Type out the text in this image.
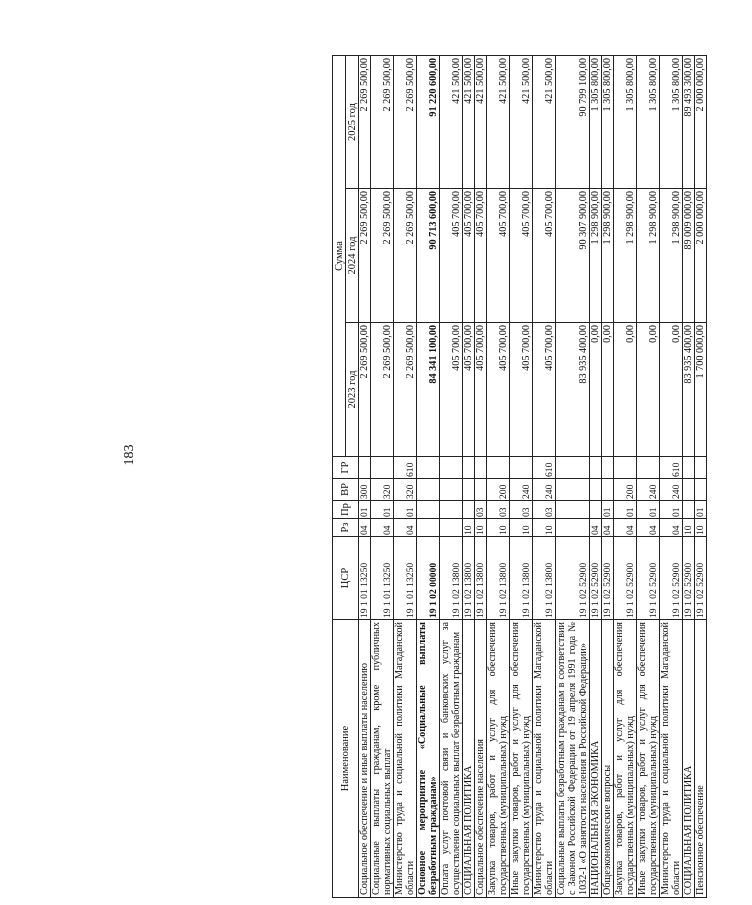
183
Наименование	ЦСР	Рз	Пр	ВР	ГР	Сумма		
						2023 год	2024 год	2025 год
Социальное обеспечение и иные выплаты населению	19 1 01 13250	04	01	300		2 269 500,00	2 269 500,00	2 269 500,00
Социальные выплаты гражданам, кроме публичных нормативных социальных выплат	19 1 01 13250	04	01	320		2 269 500,00	2 269 500,00	2 269 500,00
Министерство труда и социальной политики Магаданской области	19 1 01 13250	04	01	320	610	2 269 500,00	2 269 500,00	2 269 500,00
Основное мероприятие «Социальные выплаты безработным гражданам»	19 1 02 00000					84 341 100,00	90 713 600,00	91 220 600,00
Оплата услуг почтовой связи и банковских услуг за осуществление социальных выплат безработным гражданам	19 1 02 13800					405 700,00	405 700,00	421 500,00
СОЦИАЛЬНАЯ ПОЛИТИКА	19 1 02 13800	10				405 700,00	405 700,00	421 500,00
Социальное обеспечение населения	19 1 02 13800	10	03			405 700,00	405 700,00	421 500,00
Закупка товаров, работ и услуг для обеспечения государственных (муниципальных) нужд	19 1 02 13800	10	03	200		405 700,00	405 700,00	421 500,00
Иные закупки товаров, работ и услуг для обеспечения государственных (муниципальных) нужд	19 1 02 13800	10	03	240		405 700,00	405 700,00	421 500,00
Министерство труда и социальной политики Магаданской области	19 1 02 13800	10	03	240	610	405 700,00	405 700,00	421 500,00
Социальные выплаты безработным гражданам в соответствии с Законом Российской Федерации от 19 апреля 1991 года № 1032-1 «О занятости населения в Российской Федерации»	19 1 02 52900					83 935 400,00	90 307 900,00	90 799 100,00
НАЦИОНАЛЬНАЯ ЭКОНОМИКА	19 1 02 52900	04				0,00	1 298 900,00	1 305 800,00
Общеэкономические вопросы	19 1 02 52900	04	01			0,00	1 298 900,00	1 305 800,00
Закупка товаров, работ и услуг для обеспечения государственных (муниципальных) нужд	19 1 02 52900	04	01	200		0,00	1 298 900,00	1 305 800,00
Иные закупки товаров, работ и услуг для обеспечения государственных (муниципальных) нужд	19 1 02 52900	04	01	240		0,00	1 298 900,00	1 305 800,00
Министерство труда и социальной политики Магаданской области	19 1 02 52900	04	01	240	610	0,00	1 298 900,00	1 305 800,00
СОЦИАЛЬНАЯ ПОЛИТИКА	19 1 02 52900	10				83 935 400,00	89 009 000,00	89 493 300,00
Пенсионное обеспечение	19 1 02 52900	10	01			1 700 000,00	2 000 000,00	2 000 000,00
